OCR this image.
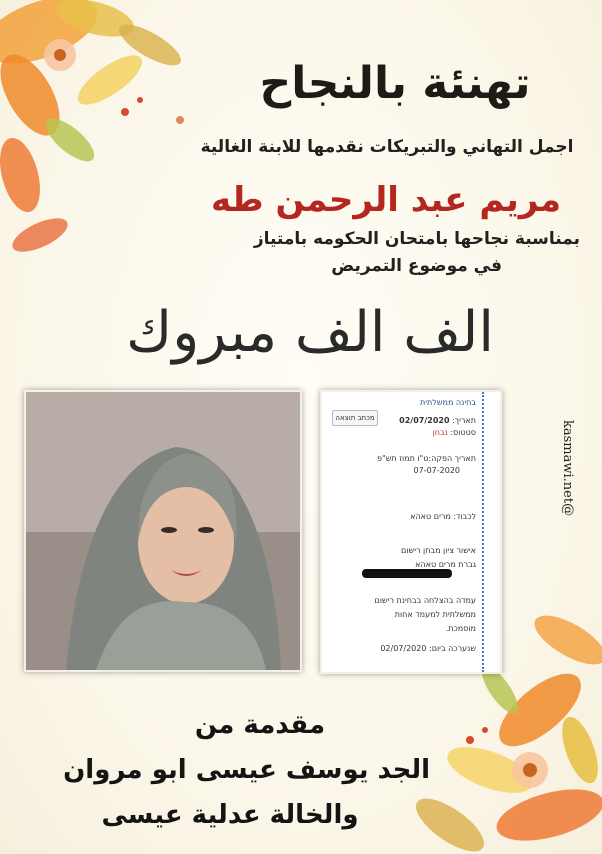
تهنئة بالنجاح
اجمل التهاني والتبريكات نقدمها للابنة الغالية
مريم عبد الرحمن طه
بمناسبة نجاحها بامتحان الحكومه بامتياز
في موضوع التمريض
الف الف مبروك
בחינה ממשלתית
מכתב תוצאה	תאריך: 02/07/2020
סטטוס: נבחן
תאריך הפקה:ט"ו תמוז תש"פ
07-07-2020
לכבוד: מרים טאהא
אישור ציון מבחן רישום
גברת מרים טאהא
עמדה בהצלחה בבחינת רישום
ממשלתית למעמד אחות
מוסמכת.
שנערכה ביום: 02/07/2020
kasmawi.net@
مقدمة من
الجد يوسف عيسى ابو مروان
والخالة عدلية عيسى
